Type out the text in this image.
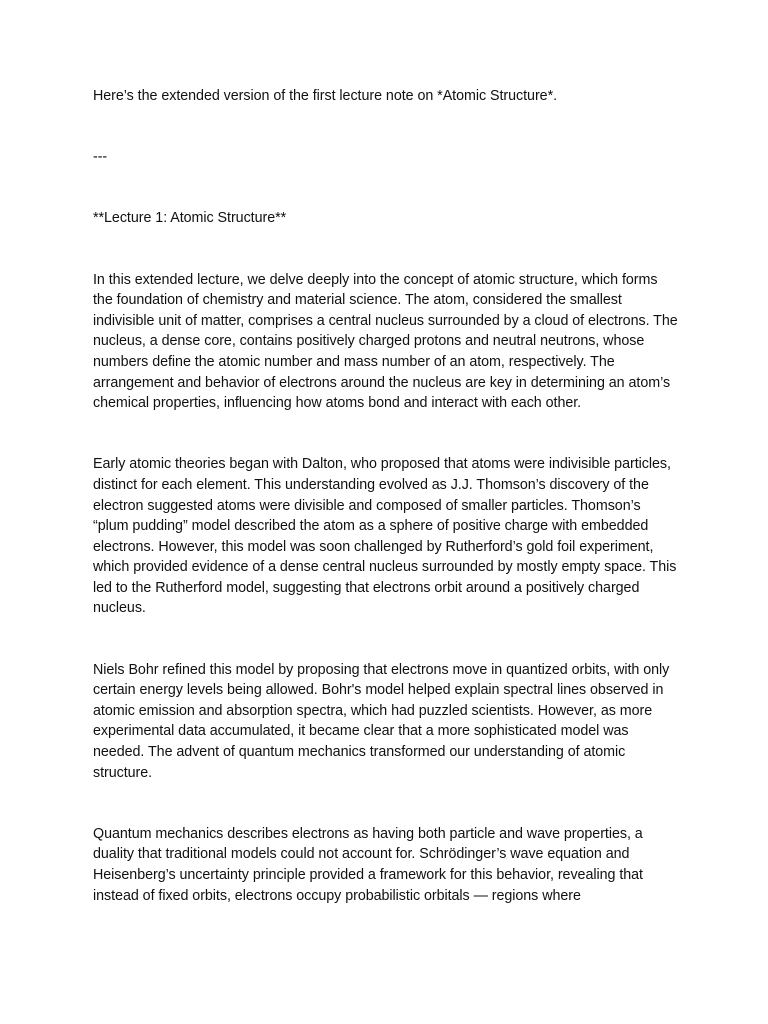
Here’s the extended version of the first lecture note on *Atomic Structure*.

---

**Lecture 1: Atomic Structure**

In this extended lecture, we delve deeply into the concept of atomic structure, which forms the foundation of chemistry and material science. The atom, considered the smallest indivisible unit of matter, comprises a central nucleus surrounded by a cloud of electrons. The nucleus, a dense core, contains positively charged protons and neutral neutrons, whose numbers define the atomic number and mass number of an atom, respectively. The arrangement and behavior of electrons around the nucleus are key in determining an atom’s chemical properties, influencing how atoms bond and interact with each other.

Early atomic theories began with Dalton, who proposed that atoms were indivisible particles, distinct for each element. This understanding evolved as J.J. Thomson’s discovery of the electron suggested atoms were divisible and composed of smaller particles. Thomson’s “plum pudding” model described the atom as a sphere of positive charge with embedded electrons. However, this model was soon challenged by Rutherford’s gold foil experiment, which provided evidence of a dense central nucleus surrounded by mostly empty space. This led to the Rutherford model, suggesting that electrons orbit around a positively charged nucleus.

Niels Bohr refined this model by proposing that electrons move in quantized orbits, with only certain energy levels being allowed. Bohr's model helped explain spectral lines observed in atomic emission and absorption spectra, which had puzzled scientists. However, as more experimental data accumulated, it became clear that a more sophisticated model was needed. The advent of quantum mechanics transformed our understanding of atomic structure.

Quantum mechanics describes electrons as having both particle and wave properties, a duality that traditional models could not account for. Schrödinger’s wave equation and Heisenberg’s uncertainty principle provided a framework for this behavior, revealing that instead of fixed orbits, electrons occupy probabilistic orbitals — regions where
